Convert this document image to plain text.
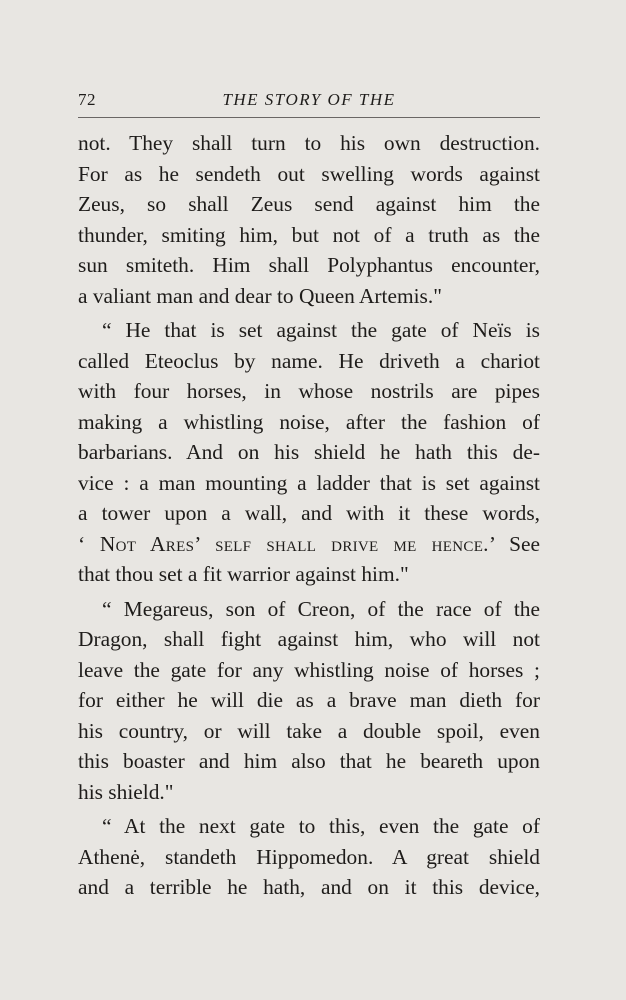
72	THE STORY OF THE
not. They shall turn to his own destruction.
For as he sendeth out swelling words against
Zeus, so shall Zeus send against him the
thunder, smiting him, but not of a truth as the
sun smiteth. Him shall Polyphantus encounter,
a valiant man and dear to Queen Artemis."
“ He that is set against the gate of Neïs is
called Eteoclus by name. He driveth a chariot
with four horses, in whose nostrils are pipes
making a whistling noise, after the fashion of
barbarians. And on his shield he hath this de-
vice : a man mounting a ladder that is set against
a tower upon a wall, and with it these words,
‘ Not Ares’ self shall drive me hence.’ See
that thou set a fit warrior against him."
“ Megareus, son of Creon, of the race of the
Dragon, shall fight against him, who will not
leave the gate for any whistling noise of horses ;
for either he will die as a brave man dieth for
his country, or will take a double spoil, even
this boaster and him also that he beareth upon
his shield."
“ At the next gate to this, even the gate of
Athenė, standeth Hippomedon. A great shield
and a terrible he hath, and on it this device,
